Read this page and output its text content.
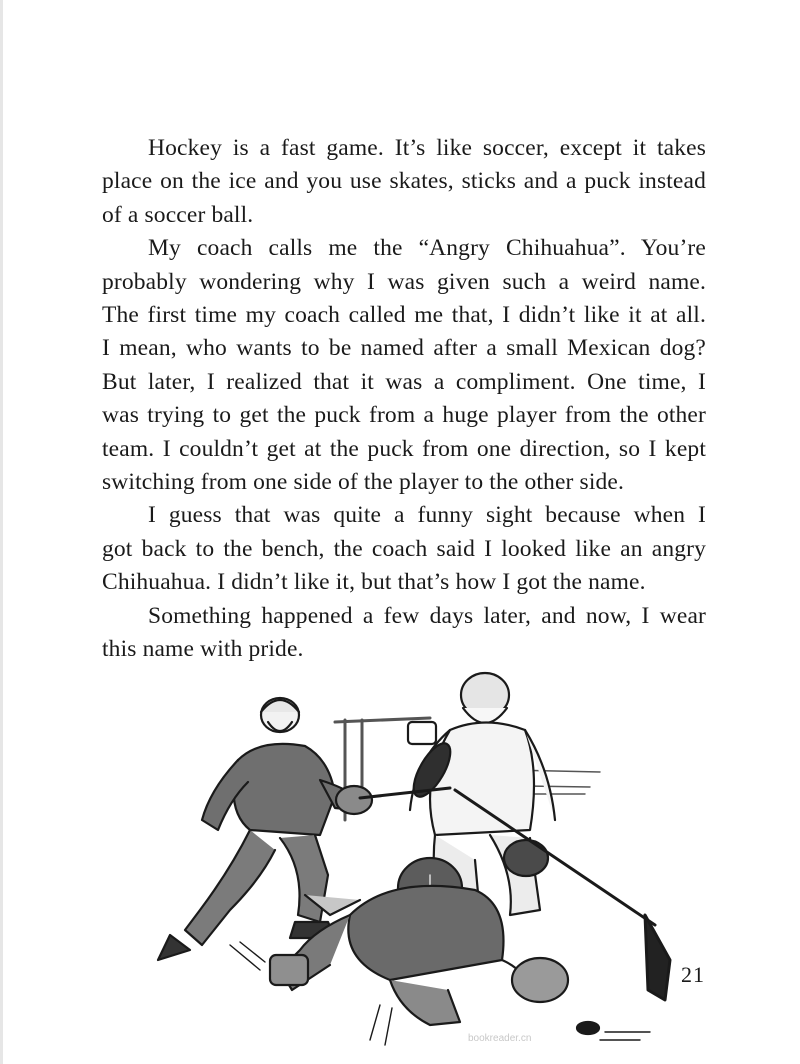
Hockey is a fast game. It’s like soccer, except it takes
place on the ice and you use skates, sticks and a puck instead
of a soccer ball.
My coach calls me the “Angry Chihuahua”. You’re
probably wondering why I was given such a weird name.
The first time my coach called me that, I didn’t like it at all.
I mean, who wants to be named after a small Mexican dog?
But later, I realized that it was a compliment. One time, I
was trying to get the puck from a huge player from the other
team. I couldn’t get at the puck from one direction, so I kept
switching from one side of the player to the other side.
I guess that was quite a funny sight because when I
got back to the bench, the coach said I looked like an angry
Chihuahua. I didn’t like it, but that’s how I got the name.
Something happened a few days later, and now, I wear
this name with pride.
21
bookreader.cn
